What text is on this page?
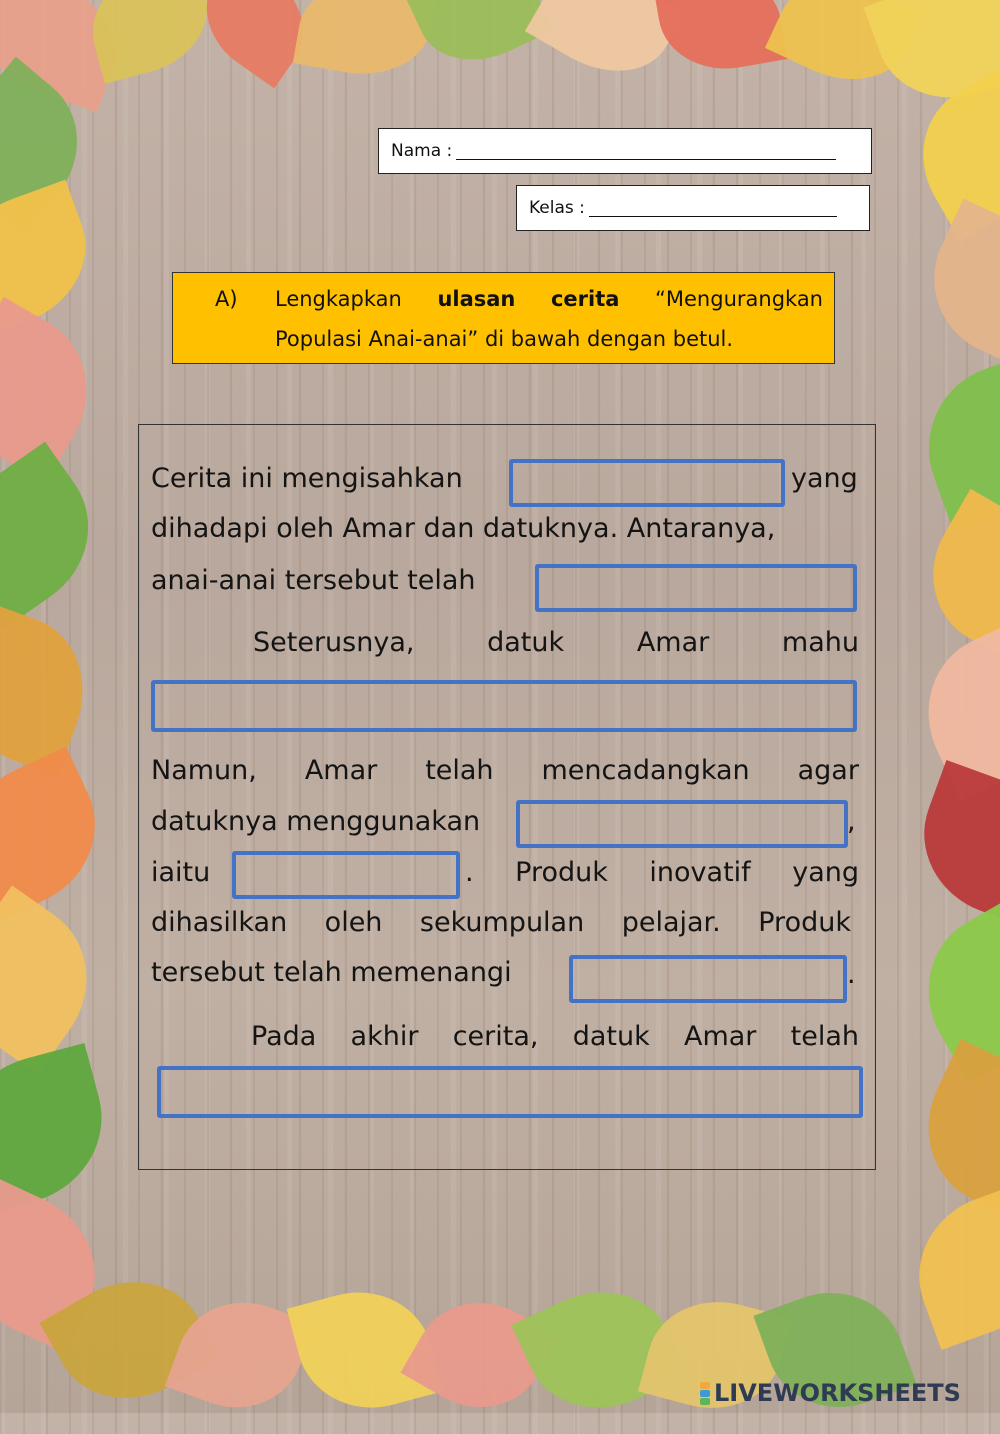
Nama :
Kelas :
A) Lengkapkan ulasan cerita “Mengurangkan
Populasi Anai-anai” di bawah dengan betul.
Cerita ini mengisahkan	yang
dihadapi oleh Amar dan datuknya. Antaranya,
anai-anai tersebut telah
Seterusnya,	datuk	Amar	mahu
Namun, Amar telah mencadangkan agar
datuknya menggunakan	,
iaitu	. Produk inovatif yang
dihasilkan oleh sekumpulan pelajar. Produk
tersebut telah memenangi	.
Pada akhir cerita, datuk Amar telah
LIVEWORKSHEETS
